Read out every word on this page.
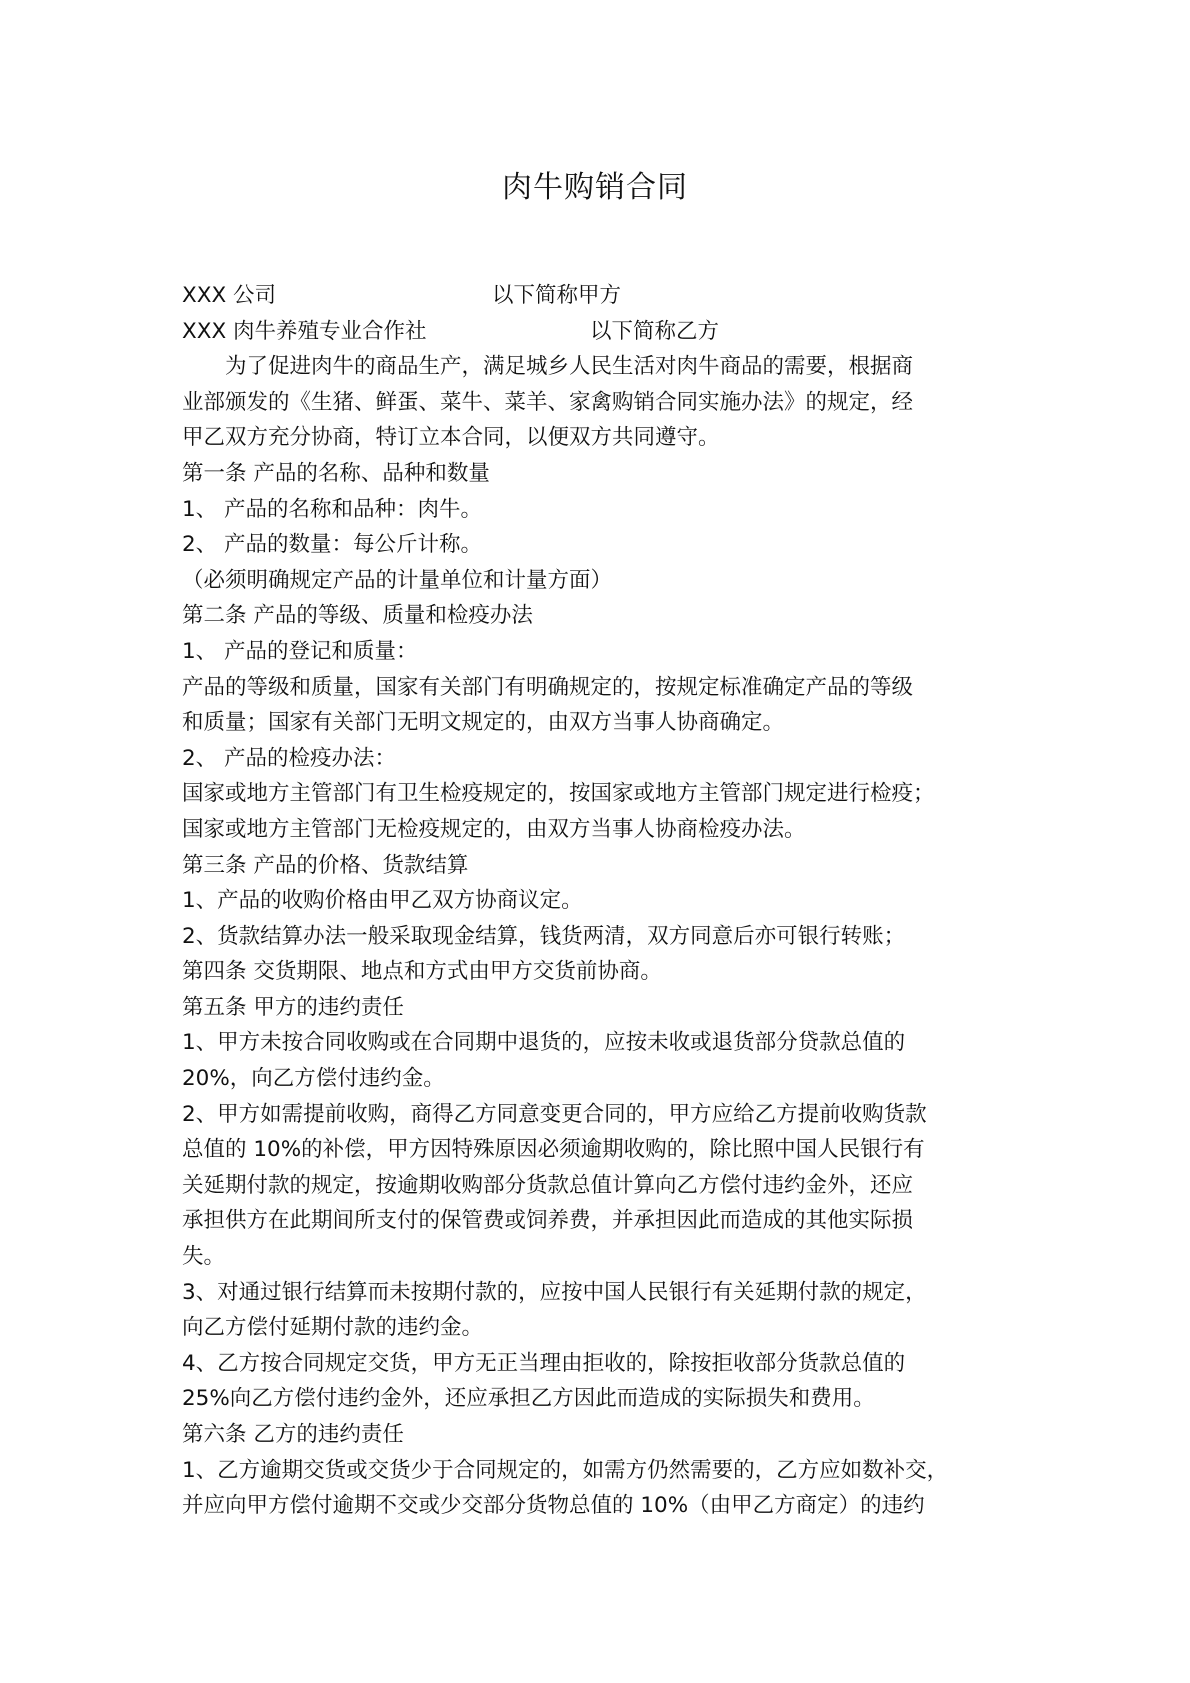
肉牛购销合同
XXX 公司	以下简称甲方
XXX 肉牛养殖专业合作社	以下简称乙方
为了促进肉牛的商品生产，满足城乡人民生活对肉牛商品的需要，根据商
业部颁发的《生猪、鲜蛋、菜牛、菜羊、家禽购销合同实施办法》的规定，经
甲乙双方充分协商，特订立本合同，以便双方共同遵守。
第一条 产品的名称、品种和数量
1、 产品的名称和品种：肉牛。
2、 产品的数量：每公斤计称。
（必须明确规定产品的计量单位和计量方面）
第二条 产品的等级、质量和检疫办法
1、 产品的登记和质量：
产品的等级和质量，国家有关部门有明确规定的，按规定标准确定产品的等级
和质量；国家有关部门无明文规定的，由双方当事人协商确定。
2、 产品的检疫办法：
国家或地方主管部门有卫生检疫规定的，按国家或地方主管部门规定进行检疫；
国家或地方主管部门无检疫规定的，由双方当事人协商检疫办法。
第三条 产品的价格、货款结算
1、产品的收购价格由甲乙双方协商议定。
2、货款结算办法一般采取现金结算，钱货两清，双方同意后亦可银行转账；
第四条 交货期限、地点和方式由甲方交货前协商。
第五条 甲方的违约责任
1、甲方未按合同收购或在合同期中退货的，应按未收或退货部分贷款总值的
20%，向乙方偿付违约金。
2、甲方如需提前收购，商得乙方同意变更合同的，甲方应给乙方提前收购货款
总值的 10%的补偿，甲方因特殊原因必须逾期收购的，除比照中国人民银行有
关延期付款的规定，按逾期收购部分货款总值计算向乙方偿付违约金外，还应
承担供方在此期间所支付的保管费或饲养费，并承担因此而造成的其他实际损
失。
3、对通过银行结算而未按期付款的，应按中国人民银行有关延期付款的规定，
向乙方偿付延期付款的违约金。
4、乙方按合同规定交货，甲方无正当理由拒收的，除按拒收部分货款总值的
25%向乙方偿付违约金外，还应承担乙方因此而造成的实际损失和费用。
第六条 乙方的违约责任
1、乙方逾期交货或交货少于合同规定的，如需方仍然需要的，乙方应如数补交，
并应向甲方偿付逾期不交或少交部分货物总值的 10%（由甲乙方商定）的违约
